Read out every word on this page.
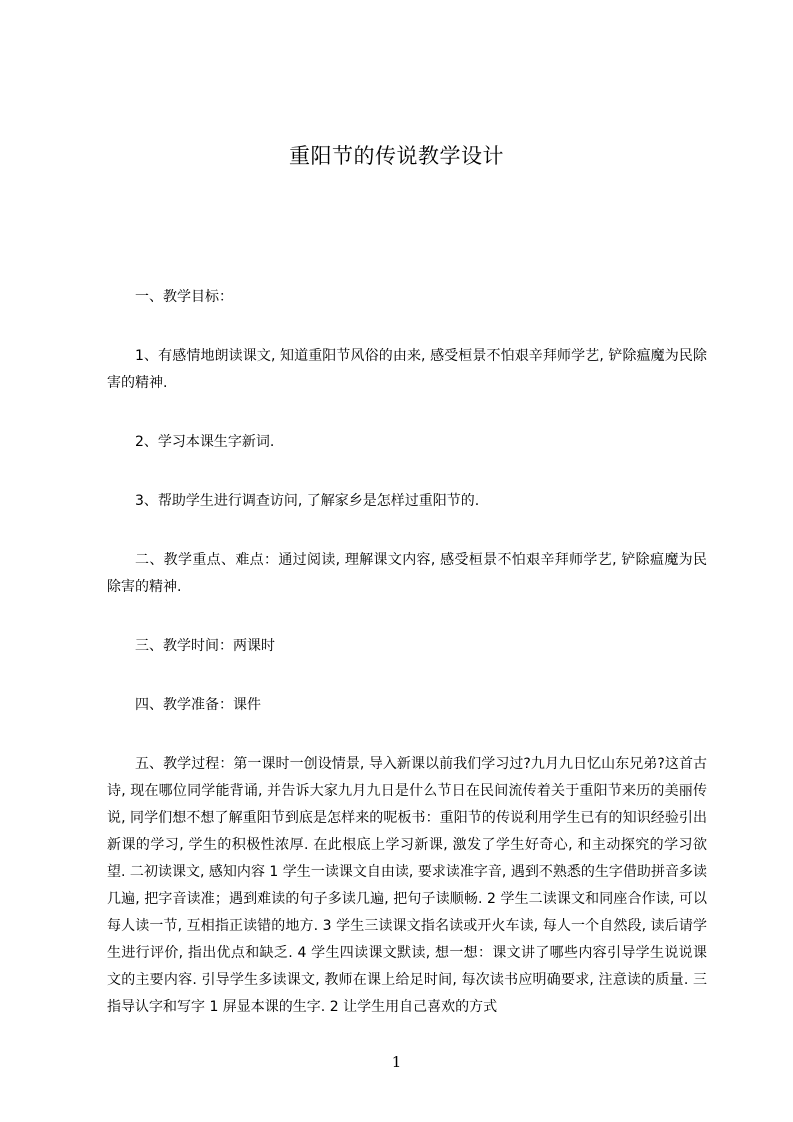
重阳节的传说教学设计

一、教学目标：

1、有感情地朗读课文, 知道重阳节风俗的由来, 感受桓景不怕艰辛拜师学艺, 铲除瘟魔为民除害的精神.

2、学习本课生字新词.

3、帮助学生进行调查访问, 了解家乡是怎样过重阳节的.

二、教学重点、难点：通过阅读, 理解课文内容, 感受桓景不怕艰辛拜师学艺, 铲除瘟魔为民除害的精神.

三、教学时间：两课时

四、教学准备：课件

五、教学过程：第一课时一创设情景, 导入新课以前我们学习过?九月九日忆山东兄弟?这首古诗, 现在哪位同学能背诵, 并告诉大家九月九日是什么节日在民间流传着关于重阳节来历的美丽传说, 同学们想不想了解重阳节到底是怎样来的呢板书：重阳节的传说利用学生已有的知识经验引出新课的学习, 学生的积极性浓厚. 在此根底上学习新课, 激发了学生好奇心, 和主动探究的学习欲望. 二初读课文, 感知内容 1 学生一读课文自由读, 要求读准字音, 遇到不熟悉的生字借助拼音多读几遍, 把字音读准；遇到难读的句子多读几遍, 把句子读顺畅. 2 学生二读课文和同座合作读, 可以每人读一节, 互相指正读错的地方. 3 学生三读课文指名读或开火车读, 每人一个自然段, 读后请学生进行评价, 指出优点和缺乏. 4 学生四读课文默读, 想一想：课文讲了哪些内容引导学生说说课文的主要内容. 引导学生多读课文, 教师在课上给足时间, 每次读书应明确要求, 注意读的质量. 三指导认字和写字 1 屏显本课的生字. 2 让学生用自己喜欢的方式

1
